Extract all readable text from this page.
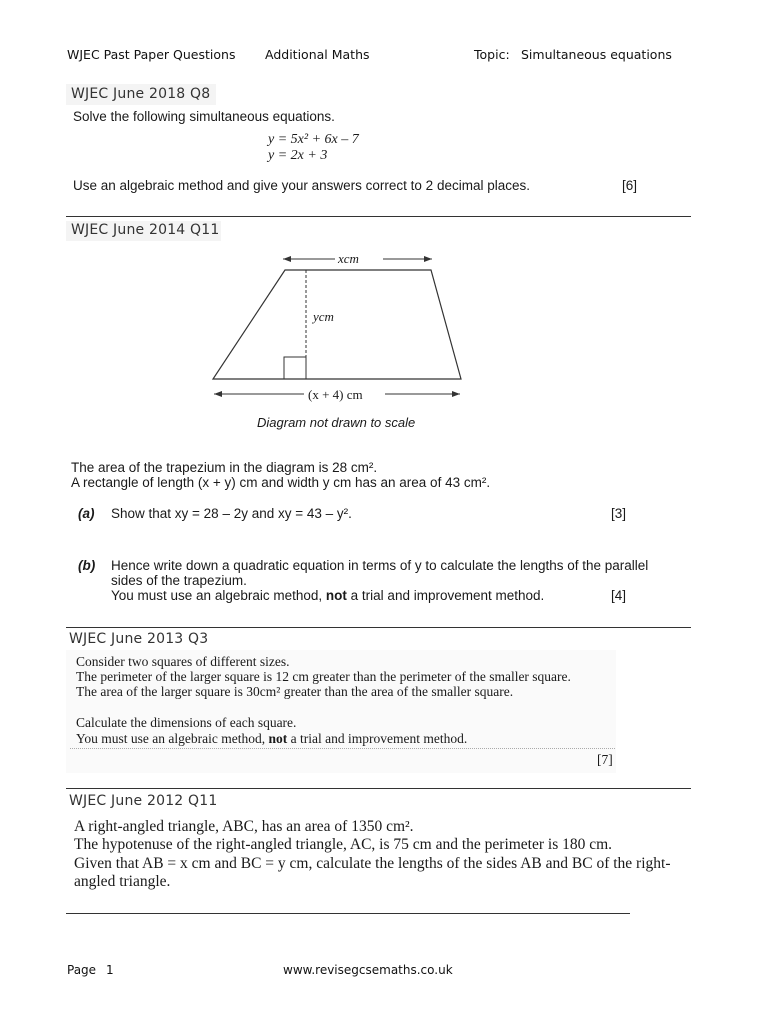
WJEC Past Paper Questions Additional Maths	Topic: Simultaneous equations
WJEC June 2018 Q8
Solve the following simultaneous equations.
y = 5x² + 6x – 7
y = 2x + 3
Use an algebraic method and give your answers correct to 2 decimal places.	[6]
WJEC June 2014 Q11
xcm
ycm
(x + 4) cm
Diagram not drawn to scale
The area of the trapezium in the diagram is 28 cm².
A rectangle of length (x + y) cm and width y cm has an area of 43 cm².
(a) Show that xy = 28 – 2y and xy = 43 – y².	[3]
(b) Hence write down a quadratic equation in terms of y to calculate the lengths of the parallel
sides of the trapezium.
You must use an algebraic method, not a trial and improvement method.	[4]
WJEC June 2013 Q3
Consider two squares of different sizes.
The perimeter of the larger square is 12 cm greater than the perimeter of the smaller square.
The area of the larger square is 30cm² greater than the area of the smaller square.
Calculate the dimensions of each square.
You must use an algebraic method, not a trial and improvement method.
[7]
WJEC June 2012 Q11
A right-angled triangle, ABC, has an area of 1350 cm².
The hypotenuse of the right-angled triangle, AC, is 75 cm and the perimeter is 180 cm.
Given that AB = x cm and BC = y cm, calculate the lengths of the sides AB and BC of the right-
angled triangle.
Page 1	www.revisegcsemaths.co.uk
